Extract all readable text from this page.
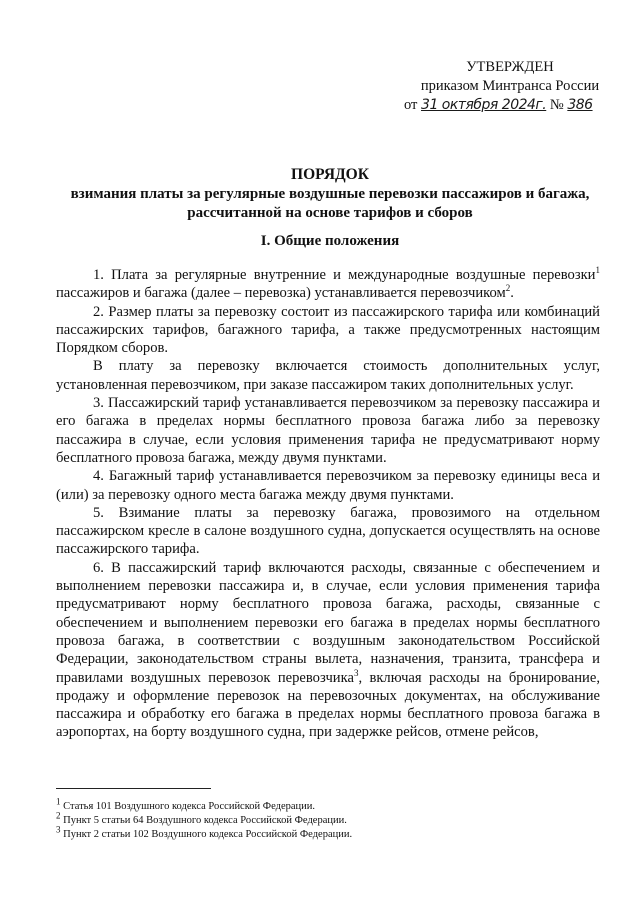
УТВЕРЖДЕН
приказом Минтранса России
от 31 октября 2024г. № 386
ПОРЯДОК
взимания платы за регулярные воздушные перевозки пассажиров и багажа,
рассчитанной на основе тарифов и сборов
I. Общие положения

1. Плата за регулярные внутренние и международные воздушные перевозки$^1$ пассажиров и багажа (далее – перевозка) устанавливается перевозчиком$^2$.

2. Размер платы за перевозку состоит из пассажирского тарифа или комбинаций пассажирских тарифов, багажного тарифа, а также предусмотренных настоящим Порядком сборов.

В плату за перевозку включается стоимость дополнительных услуг, установленная перевозчиком, при заказе пассажиром таких дополнительных услуг.

3. Пассажирский тариф устанавливается перевозчиком за перевозку пассажира и его багажа в пределах нормы бесплатного провоза багажа либо за перевозку пассажира в случае, если условия применения тарифа не предусматривают норму бесплатного провоза багажа, между двумя пунктами.

4. Багажный тариф устанавливается перевозчиком за перевозку единицы веса и (или) за перевозку одного места багажа между двумя пунктами.

5. Взимание платы за перевозку багажа, провозимого на отдельном пассажирском кресле в салоне воздушного судна, допускается осуществлять на основе пассажирского тарифа.

6. В пассажирский тариф включаются расходы, связанные с обеспечением и выполнением перевозки пассажира и, в случае, если условия применения тарифа предусматривают норму бесплатного провоза багажа, расходы, связанные с обеспечением и выполнением перевозки его багажа в пределах нормы бесплатного провоза багажа, в соответствии с воздушным законодательством Российской Федерации, законодательством страны вылета, назначения, транзита, трансфера и правилами воздушных перевозок перевозчика$^3$, включая расходы на бронирование, продажу и оформление перевозок на перевозочных документах, на обслуживание пассажира и обработку его багажа в пределах нормы бесплатного провоза багажа в аэропортах, на борту воздушного судна, при задержке рейсов, отмене рейсов,

$^1$ Статья 101 Воздушного кодекса Российской Федерации.
$^2$ Пункт 5 статьи 64 Воздушного кодекса Российской Федерации.
$^3$ Пункт 2 статьи 102 Воздушного кодекса Российской Федерации.
